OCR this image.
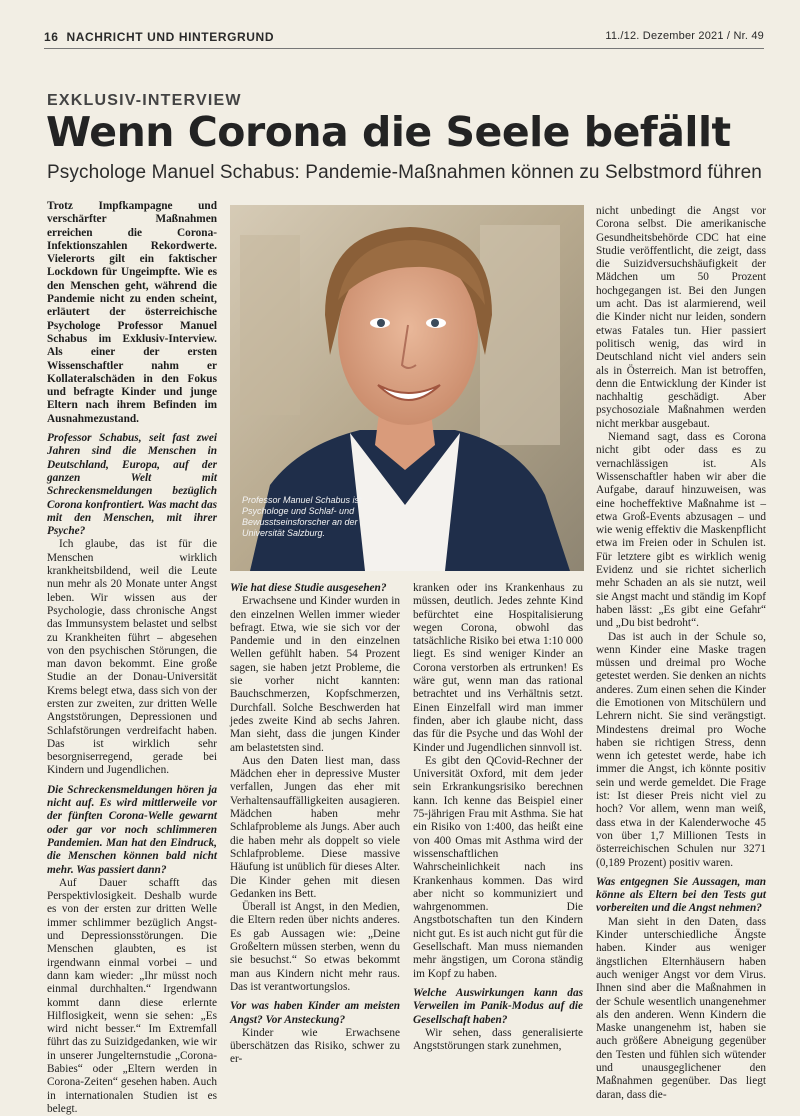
16 NACHRICHT UND HINTERGRUND	11./12. Dezember 2021 / Nr. 49
EXKLUSIV-INTERVIEW
Wenn Corona die Seele befällt
Psychologe Manuel Schabus: Pandemie-Maßnahmen können zu Selbstmord führen

Trotz Impfkampagne und verschärfter Maßnahmen erreichen die Corona-Infektionszahlen Rekordwerte. Vielerorts gilt ein faktischer Lockdown für Ungeimpfte. Wie es den Menschen geht, während die Pandemie nicht zu enden scheint, erläutert der österreichische Psychologe Professor Manuel Schabus im Exklusiv-Interview. Als einer der ersten Wissenschaftler nahm er Kollateralschäden in den Fokus und befragte Kinder und junge Eltern nach ihrem Befinden im Ausnahmezustand.

Professor Schabus, seit fast zwei Jahren sind die Menschen in Deutschland, Europa, auf der ganzen Welt mit Schreckensmeldungen bezüglich Corona konfrontiert. Was macht das mit den Menschen, mit ihrer Psyche?

Ich glaube, das ist für die Menschen wirklich krankheitsbildend, weil die Leute nun mehr als 20 Monate unter Angst leben. Wir wissen aus der Psychologie, dass chronische Angst das Immunsystem belastet und selbst zu Krankheiten führt – abgesehen von den psychischen Störungen, die man davon bekommt. Eine große Studie an der Donau-Universität Krems belegt etwa, dass sich von der ersten zur zweiten, zur dritten Welle Angststörungen, Depressionen und Schlafstörungen verdreifacht haben. Das ist wirklich sehr besorgniserregend, gerade bei Kindern und Jugendlichen.

Die Schreckensmeldungen hören ja nicht auf. Es wird mittlerweile vor der fünften Corona-Welle gewarnt oder gar vor noch schlimmeren Pandemien. Man hat den Eindruck, die Menschen können bald nicht mehr. Was passiert dann?

Auf Dauer schafft das Perspektivlosigkeit. Deshalb wurde es von der ersten zur dritten Welle immer schlimmer bezüglich Angst- und Depressionsstörungen. Die Menschen glaubten, es ist irgendwann einmal vorbei – und dann kam wieder: „Ihr müsst noch einmal durchhalten.“ Irgendwann kommt dann diese erlernte Hilflosigkeit, wenn sie sehen: „Es wird nicht besser.“ Im Extremfall führt das zu Suizidgedanken, wie wir in unserer Jungelternstudie „Corona-Babies“ oder „Eltern werden in Corona-Zeiten“ gesehen haben. Auch in internationalen Studien ist es belegt.

Professor Manuel Schabus ist Psychologe und Schlaf- und Bewusstseinsforscher an der Universität Salzburg.

Wie hat diese Studie ausgesehen?

Erwachsene und Kinder wurden in den einzelnen Wellen immer wieder befragt. Etwa, wie sie sich vor der Pandemie und in den einzelnen Wellen gefühlt haben. 54 Prozent sagen, sie haben jetzt Probleme, die sie vorher nicht kannten: Bauchschmerzen, Kopfschmerzen, Durchfall. Solche Beschwerden hat jedes zweite Kind ab sechs Jahren. Man sieht, dass die jungen Kinder am belastetsten sind.

Aus den Daten liest man, dass Mädchen eher in depressive Muster verfallen, Jungen das eher mit Verhaltensauffälligkeiten ausagieren. Mädchen haben mehr Schlafprobleme als Jungs. Aber auch die haben mehr als doppelt so viele Schlafprobleme. Diese massive Häufung ist unüblich für dieses Alter. Die Kinder gehen mit diesen Gedanken ins Bett.

Überall ist Angst, in den Medien, die Eltern reden über nichts anderes. Es gab Aussagen wie: „Deine Großeltern müssen sterben, wenn du sie besuchst.“ So etwas bekommt man aus Kindern nicht mehr raus. Das ist verantwortungslos.

Vor was haben Kinder am meisten Angst? Vor Ansteckung?

Kinder wie Erwachsene überschätzen das Risiko, schwer zu er-

kranken oder ins Krankenhaus zu müssen, deutlich. Jedes zehnte Kind befürchtet eine Hospitalisierung wegen Corona, obwohl das tatsächliche Risiko bei etwa 1:10 000 liegt. Es sind weniger Kinder an Corona verstorben als ertrunken! Es wäre gut, wenn man das rational betrachtet und ins Verhältnis setzt. Einen Einzelfall wird man immer finden, aber ich glaube nicht, dass das für die Psyche und das Wohl der Kinder und Jugendlichen sinnvoll ist.

Es gibt den QCovid-Rechner der Universität Oxford, mit dem jeder sein Erkrankungsrisiko berechnen kann. Ich kenne das Beispiel einer 75-jährigen Frau mit Asthma. Sie hat ein Risiko von 1:400, das heißt eine von 400 Omas mit Asthma wird der wissenschaftlichen Wahrscheinlichkeit nach ins Krankenhaus kommen. Das wird aber nicht so kommuniziert und wahrgenommen. Die Angstbotschaften tun den Kindern nicht gut. Es ist auch nicht gut für die Gesellschaft. Man muss niemanden mehr ängstigen, um Corona ständig im Kopf zu haben.

Welche Auswirkungen kann das Verweilen im Panik-Modus auf die Gesellschaft haben?

Wir sehen, dass generalisierte Angststörungen stark zunehmen,

nicht unbedingt die Angst vor Corona selbst. Die amerikanische Gesundheitsbehörde CDC hat eine Studie veröffentlicht, die zeigt, dass die Suizidversuchshäufigkeit der Mädchen um 50 Prozent hochgegangen ist. Bei den Jungen um acht. Das ist alarmierend, weil die Kinder nicht nur leiden, sondern etwas Fatales tun. Hier passiert politisch wenig, das wird in Deutschland nicht viel anders sein als in Österreich. Man ist betroffen, denn die Entwicklung der Kinder ist nachhaltig geschädigt. Aber psychosoziale Maßnahmen werden nicht merkbar ausgebaut.

Niemand sagt, dass es Corona nicht gibt oder dass es zu vernachlässigen ist. Als Wissenschaftler haben wir aber die Aufgabe, darauf hinzuweisen, was eine hocheffektive Maßnahme ist – etwa Groß-Events abzusagen – und wie wenig effektiv die Maskenpflicht etwa im Freien oder in Schulen ist. Für letztere gibt es wirklich wenig Evidenz und sie richtet sicherlich mehr Schaden an als sie nutzt, weil sie Angst macht und ständig im Kopf haben lässt: „Es gibt eine Gefahr“ und „Du bist bedroht“.

Das ist auch in der Schule so, wenn Kinder eine Maske tragen müssen und dreimal pro Woche getestet werden. Sie denken an nichts anderes. Zum einen sehen die Kinder die Emotionen von Mitschülern und Lehrern nicht. Sie sind verängstigt. Mindestens dreimal pro Woche haben sie richtigen Stress, denn wenn ich getestet werde, habe ich immer die Angst, ich könnte positiv sein und werde gemeldet. Die Frage ist: Ist dieser Preis nicht viel zu hoch? Vor allem, wenn man weiß, dass etwa in der Kalenderwoche 45 von über 1,7 Millionen Tests in österreichischen Schulen nur 3271 (0,189 Prozent) positiv waren.

Was entgegnen Sie Aussagen, man könne als Eltern bei den Tests gut vorbereiten und die Angst nehmen?

Man sieht in den Daten, dass Kinder unterschiedliche Ängste haben. Kinder aus weniger ängstlichen Elternhäusern haben auch weniger Angst vor dem Virus. Ihnen sind aber die Maßnahmen in der Schule wesentlich unangenehmer als den anderen. Wenn Kindern die Maske unangenehm ist, haben sie auch größere Abneigung gegenüber den Testen und fühlen sich wütender und unausgeglichener den Maßnahmen gegenüber. Das liegt daran, dass die-
